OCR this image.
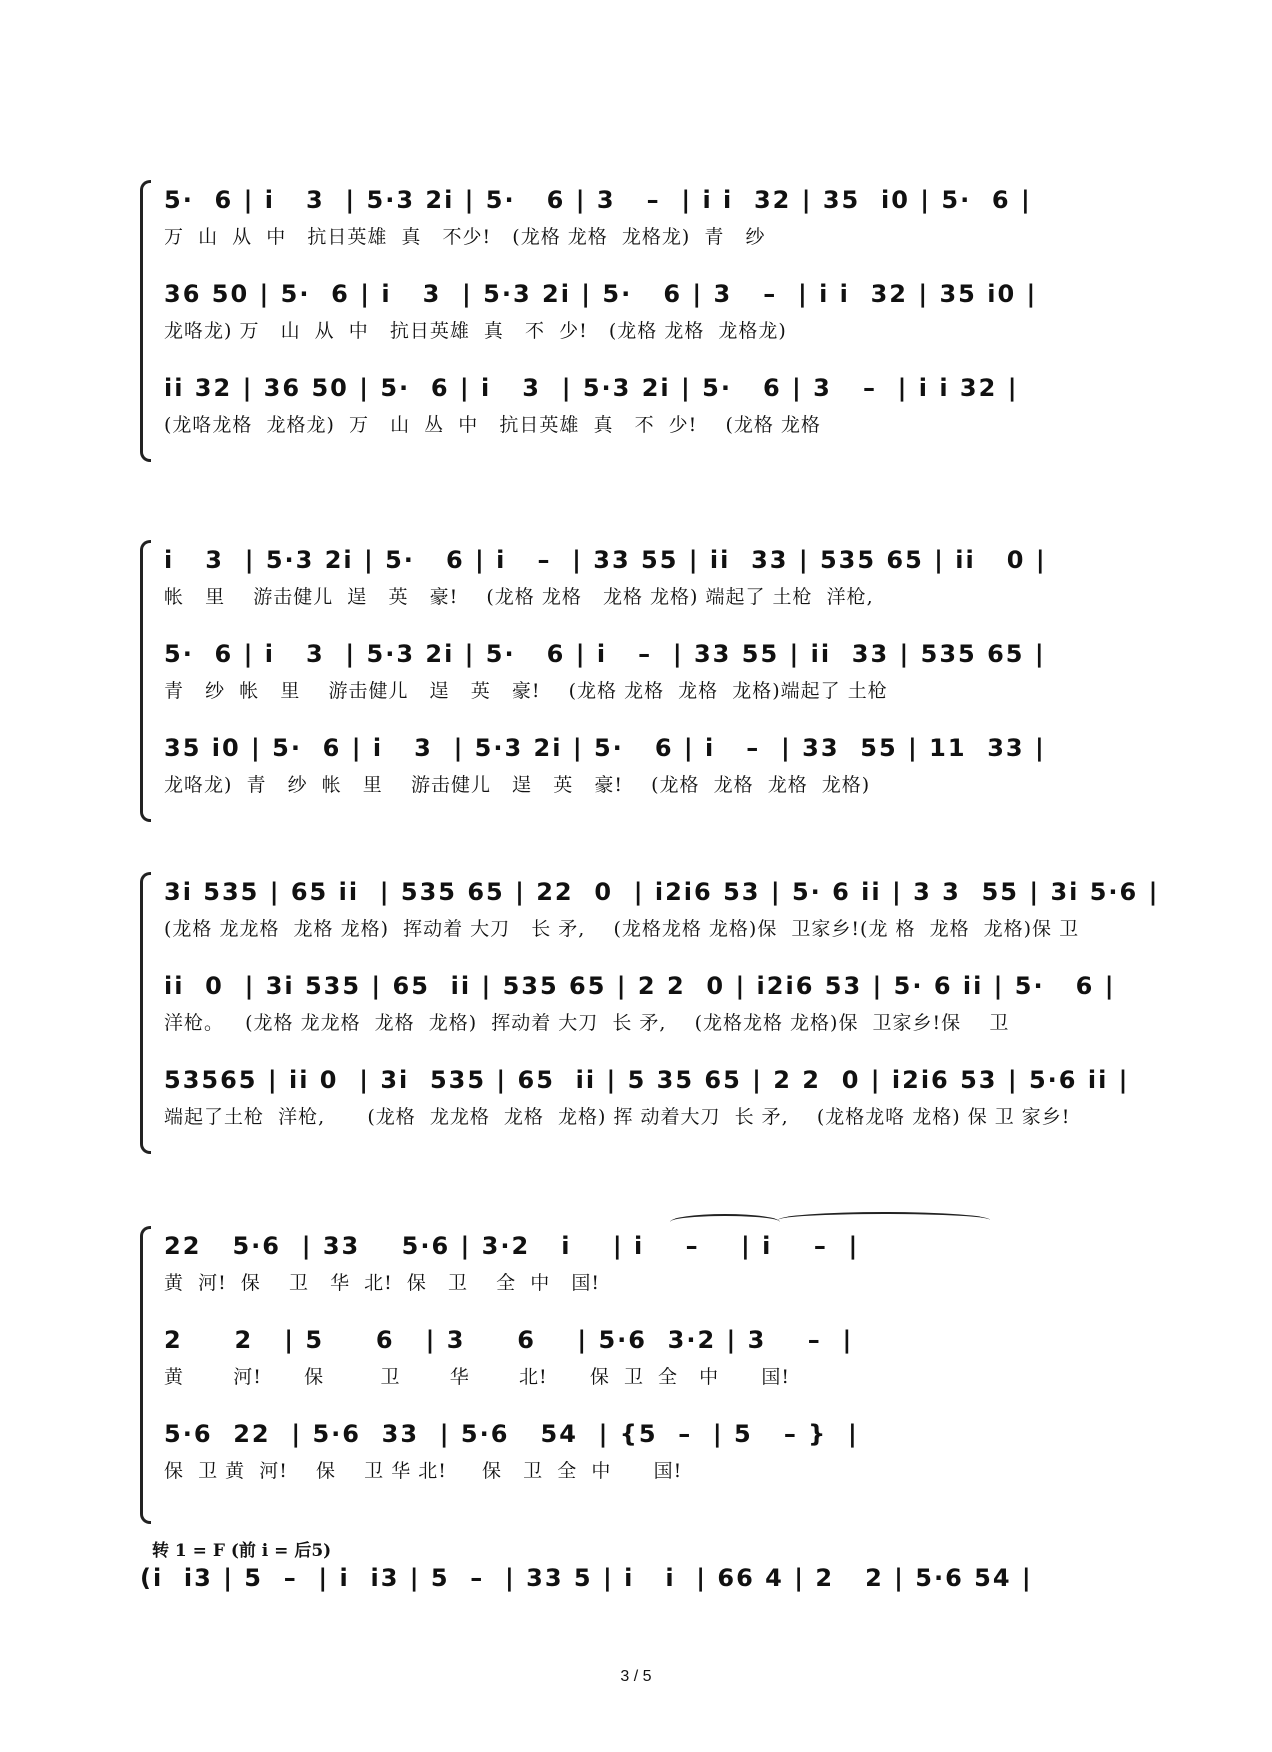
5·  6 | i   3  | 5·3 2i | 5·   6 | 3   –  | i i  32 | 35  i0 | 5·  6 |
万  山  从  中   抗日英雄  真   不少!   (龙格 龙格  龙格龙)  青   纱
36 50 | 5·  6 | i   3  | 5·3 2i | 5·   6 | 3   –  | i i  32 | 35 i0 |
龙咯龙) 万   山  从  中   抗日英雄  真   不  少!   (龙格 龙格  龙格龙)
ii 32 | 36 50 | 5·  6 | i   3  | 5·3 2i | 5·   6 | 3   –  | i i 32 |
(龙咯龙格  龙格龙)  万   山  丛  中   抗日英雄  真   不  少!    (龙格 龙格
i   3  | 5·3 2i | 5·   6 | i   –  | 33 55 | ii  33 | 535 65 | ii   0 |
帐   里    游击健儿  逞   英   豪!    (龙格 龙格   龙格 龙格) 端起了 土枪  洋枪,
5·  6 | i   3  | 5·3 2i | 5·   6 | i   –  | 33 55 | ii  33 | 535 65 |
青   纱  帐   里    游击健儿   逞   英   豪!    (龙格 龙格  龙格  龙格)端起了 土枪
35 i0 | 5·  6 | i   3  | 5·3 2i | 5·   6 | i   –  | 33  55 | 11  33 |
龙咯龙)  青   纱  帐   里    游击健儿   逞   英   豪!    (龙格  龙格  龙格  龙格)
3i 535 | 65 ii  | 535 65 | 22  0  | i2i6 53 | 5· 6 ii | 3 3  55 | 3i 5·6 |
(龙格 龙龙格  龙格 龙格)  挥动着 大刀   长 矛,    (龙格龙格 龙格)保  卫家乡!(龙 格  龙格  龙格)保 卫
ii  0  | 3i 535 | 65  ii | 535 65 | 2 2  0 | i2i6 53 | 5· 6 ii | 5·   6 |
洋枪。   (龙格 龙龙格  龙格  龙格)  挥动着 大刀  长 矛,    (龙格龙格 龙格)保  卫家乡!保    卫
53565 | ii 0  | 3i  535 | 65  ii | 5 35 65 | 2 2  0 | i2i6 53 | 5·6 ii |
端起了土枪  洋枪,      (龙格  龙龙格  龙格  龙格) 挥 动着大刀  长 矛,    (龙格龙咯 龙格) 保 卫 家乡!
22   5·6  | 33    5·6 | 3·2   i    | i    –    | i    –  |
黄  河!  保    卫   华  北!  保   卫    全  中   国!
2     2   | 5     6   | 3     6    | 5·6  3·2 | 3    –  |
黄       河!      保        卫       华       北!      保  卫  全   中      国!
5·6  22  | 5·6  33  | 5·6   54  | {5  –  | 5   – }  |
保  卫 黄  河!    保    卫 华 北!     保   卫  全  中      国!
转 1 = F (前 i = 后5)
(i  i3 | 5  –  | i  i3 | 5  –  | 33 5 | i   i  | 66 4 | 2   2 | 5·6 54 |
3 / 5
